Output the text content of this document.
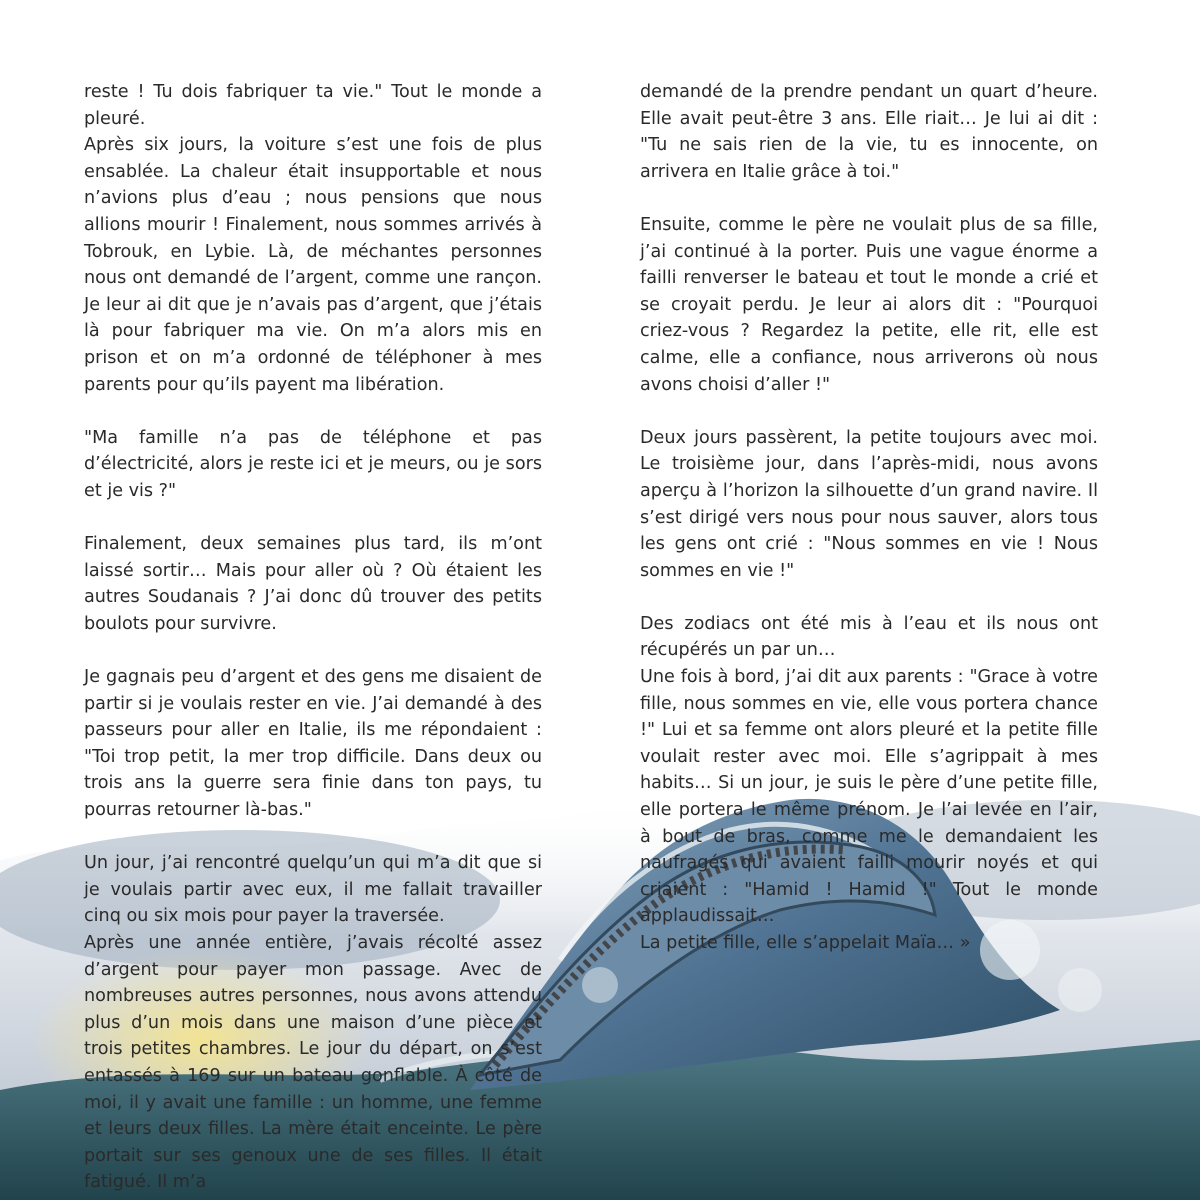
reste ! Tu dois fabriquer ta vie." Tout le monde a pleuré.

Après six jours, la voiture s’est une fois de plus ensablée. La chaleur était insupportable et nous n’avions plus d’eau ; nous pensions que nous allions mourir ! Finalement, nous sommes arrivés à Tobrouk, en Lybie. Là, de méchantes personnes nous ont demandé de l’argent, comme une rançon. Je leur ai dit que je n’avais pas d’argent, que j’étais là pour fabriquer ma vie. On m’a alors mis en prison et on m’a ordonné de téléphoner à mes parents pour qu’ils payent ma libération.

"Ma famille n’a pas de téléphone et pas d’électricité, alors je reste ici et je meurs, ou je sors et je vis ?"

Finalement, deux semaines plus tard, ils m’ont laissé sortir… Mais pour aller où ? Où étaient les autres Soudanais ? J’ai donc dû trouver des petits boulots pour survivre.

Je gagnais peu d’argent et des gens me disaient de partir si je voulais rester en vie. J’ai demandé à des passeurs pour aller en Italie, ils me répondaient : "Toi trop petit, la mer trop difficile. Dans deux ou trois ans la guerre sera finie dans ton pays, tu pourras retourner là-bas."

Un jour, j’ai rencontré quelqu’un qui m’a dit que si je voulais partir avec eux, il me fallait travailler cinq ou six mois pour payer la traversée.

Après une année entière, j’avais récolté assez d’argent pour payer mon passage. Avec de nombreuses autres personnes, nous avons attendu plus d’un mois dans une maison d’une pièce et trois petites chambres. Le jour du départ, on s’est entassés à 169 sur un bateau gonflable. À côté de moi, il y avait une famille : un homme, une femme et leurs deux filles. La mère était enceinte. Le père portait sur ses genoux une de ses filles. Il était fatigué. Il m’a

demandé de la prendre pendant un quart d’heure. Elle avait peut-être 3 ans. Elle riait… Je lui ai dit : "Tu ne sais rien de la vie, tu es innocente, on arrivera en Italie grâce à toi."

Ensuite, comme le père ne voulait plus de sa fille, j’ai continué à la porter. Puis une vague énorme a failli renverser le bateau et tout le monde a crié et se croyait perdu. Je leur ai alors dit : "Pourquoi criez-vous ? Regardez la petite, elle rit, elle est calme, elle a confiance, nous arriverons où nous avons choisi d’aller !"

Deux jours passèrent, la petite toujours avec moi. Le troisième jour, dans l’après-midi, nous avons aperçu à l’horizon la silhouette d’un grand navire. Il s’est dirigé vers nous pour nous sauver, alors tous les gens ont crié : "Nous sommes en vie ! Nous sommes en vie !"

Des zodiacs ont été mis à l’eau et ils nous ont récupérés un par un…

Une fois à bord, j’ai dit aux parents : "Grace à votre fille, nous sommes en vie, elle vous portera chance !" Lui et sa femme ont alors pleuré et la petite fille voulait rester avec moi. Elle s’agrippait à mes habits… Si un jour, je suis le père d’une petite fille, elle portera le même prénom. Je l’ai levée en l’air, à bout de bras, comme me le demandaient les naufragés qui avaient failli mourir noyés et qui criaient : "Hamid ! Hamid !" Tout le monde applaudissait…

La petite fille, elle s’appelait Maïa… »
